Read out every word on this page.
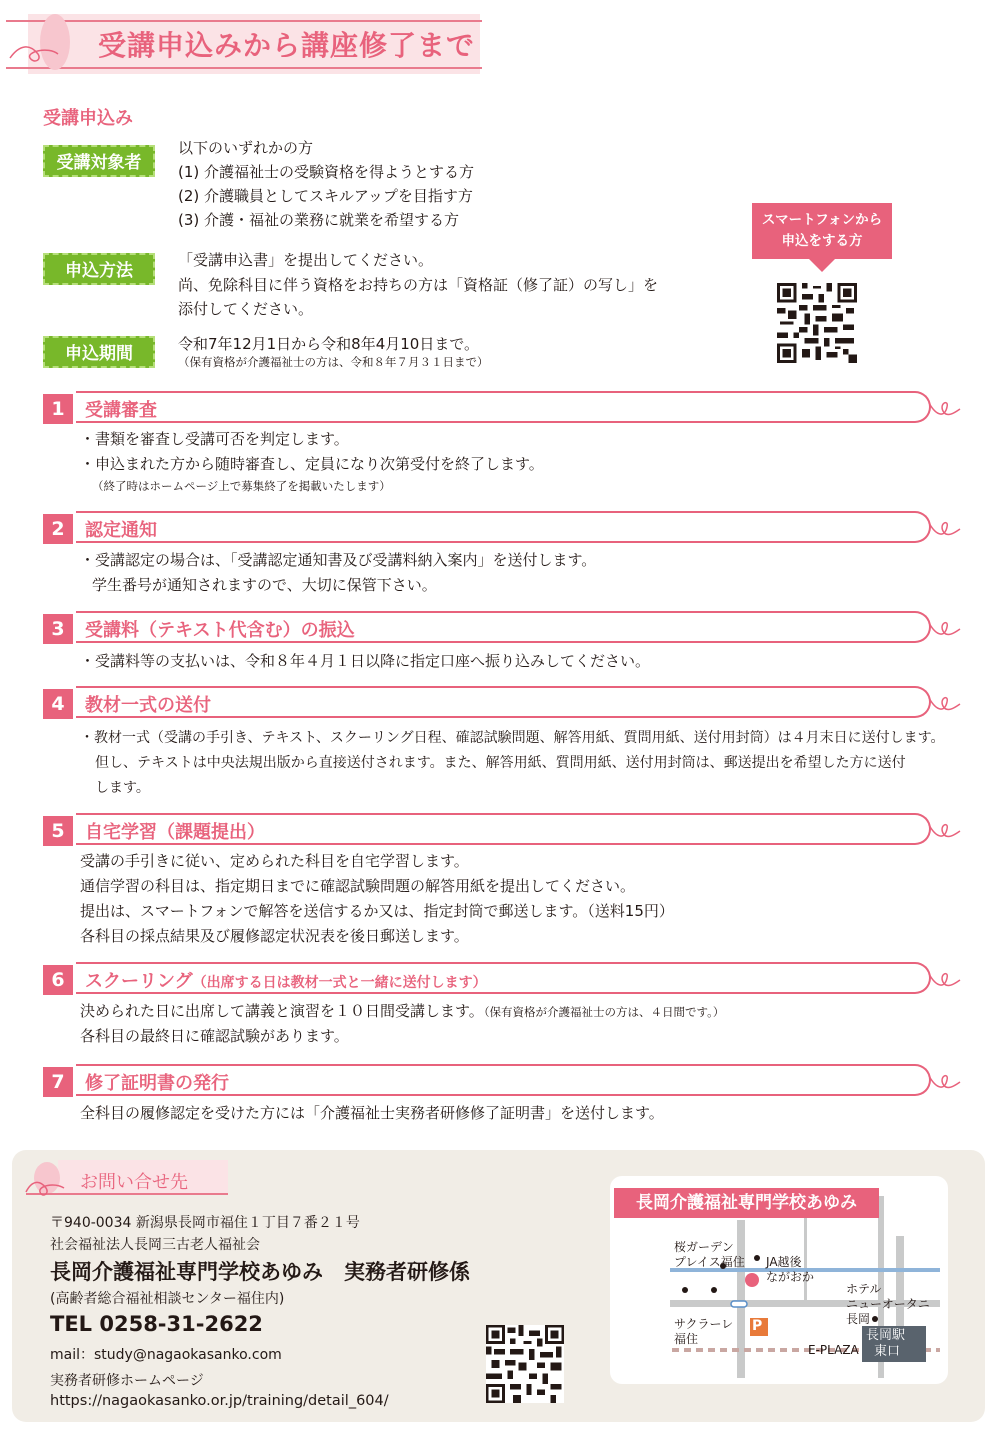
受講申込みから講座修了まで
受講申込み
受講対象者
以下のいずれかの方
(1) 介護福祉士の受験資格を得ようとする方
(2) 介護職員としてスキルアップを目指す方
(3) 介護・福祉の業務に就業を希望する方
申込方法
「受講申込書」を提出してください。
尚、免除科目に伴う資格をお持ちの方は「資格証（修了証）の写し」を
添付してください。
申込期間	令和7年12月1日から令和8年4月10日まで。
（保有資格が介護福祉士の方は、令和８年７月３１日まで）
スマートフォンから
申込をする方
1	受講審査
・書類を審査し受講可否を判定します。
・申込まれた方から随時審査し、定員になり次第受付を終了します。
（終了時はホームページ上で募集終了を掲載いたします）
2	認定通知
・受講認定の場合は、「受講認定通知書及び受講料納入案内」を送付します。
学生番号が通知されますので、大切に保管下さい。
3	受講料（テキスト代含む）の振込
・受講料等の支払いは、令和８年４月１日以降に指定口座へ振り込みしてください。
4	教材一式の送付
・教材一式（受講の手引き、テキスト、スクーリング日程、確認試験問題、解答用紙、質問用紙、送付用封筒）は４月末日に送付します。
但し、テキストは中央法規出版から直接送付されます。また、解答用紙、質問用紙、送付用封筒は、郵送提出を希望した方に送付
します。
5	自宅学習（課題提出）
受講の手引きに従い、定められた科目を自宅学習します。
通信学習の科目は、指定期日までに確認試験問題の解答用紙を提出してください。
提出は、スマートフォンで解答を送信するか又は、指定封筒で郵送します。（送料15円）
各科目の採点結果及び履修認定状況表を後日郵送します。
6	スクーリング（出席する日は教材一式と一緒に送付します）
決められた日に出席して講義と演習を１０日間受講します。（保有資格が介護福祉士の方は、４日間です。）
各科目の最終日に確認試験があります。
7	修了証明書の発行
全科目の履修認定を受けた方には「介護福祉士実務者研修修了証明書」を送付します。
お問い合せ先
〒940-0034 新潟県長岡市福住１丁目７番２１号
社会福祉法人長岡三古老人福祉会
長岡介護福祉専門学校あゆみ　実務者研修係
(高齢者総合福祉相談センター福住内)
TEL 0258-31-2622
mail：study@nagaokasanko.com
実務者研修ホームページ
https://nagaokasanko.or.jp/training/detail_604/
長岡介護福祉専門学校あゆみ
桜ガーデン
プレイス福住 JA越後
ながおか
ホテル
ニューオータニ
長岡
サクラーレ
福住
E-PLAZA
P
長岡駅
東口
